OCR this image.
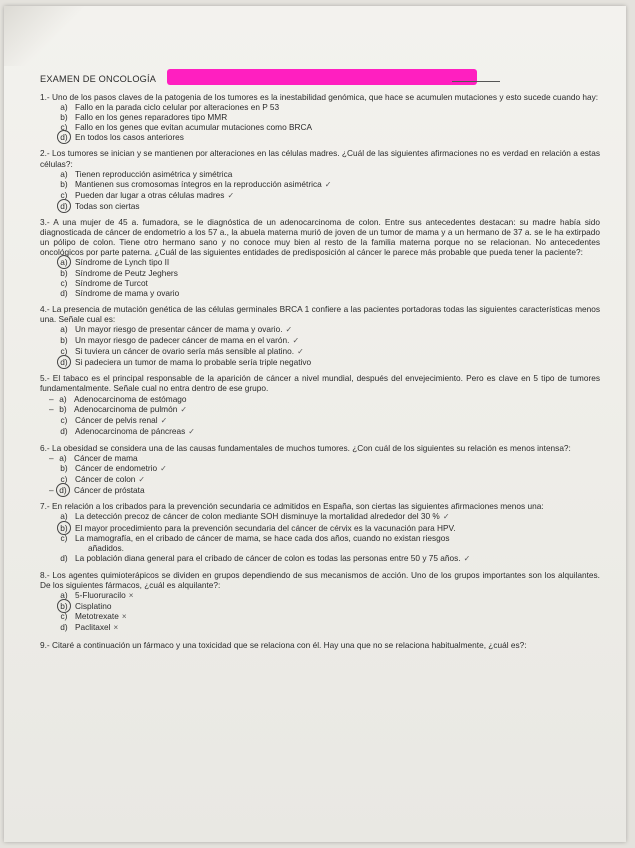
EXAMEN DE ONCOLOGÍA
1.- Uno de los pasos claves de la patogenia de los tumores es la inestabilidad genómica, que hace se acumulen mutaciones y esto sucede cuando hay:
a) Fallo en la parada ciclo celular por alteraciones en P 53
b) Fallo en los genes reparadores tipo MMR
c) Fallo en los genes que evitan acumular mutaciones como BRCA
d) En todos los casos anteriores
2.- Los tumores se inician y se mantienen por alteraciones en las células madres. ¿Cuál de las siguientes afirmaciones no es verdad en relación a estas células?:
a) Tienen reproducción asimétrica y simétrica
b) Mantienen sus cromosomas íntegros en la reproducción asimétrica ✓
c) Pueden dar lugar a otras células madres ✓
d) Todas son ciertas
3.- A una mujer de 45 a. fumadora, se le diagnóstica de un adenocarcinoma de colon. Entre sus antecedentes destacan: su madre había sido diagnosticada de cáncer de endometrio a los 57 a., la abuela materna murió de joven de un tumor de mama y a un hermano de 37 a. se le ha extirpado un pólipo de colon. Tiene otro hermano sano y no conoce muy bien al resto de la familia materna porque no se relacionan. No antecedentes oncológicos por parte paterna. ¿Cuál de las siguientes entidades de predisposición al cáncer le parece más probable que pueda tener la paciente?:
a) Síndrome de Lynch tipo II
b) Síndrome de Peutz Jeghers
c) Síndrome de Turcot
d) Síndrome de mama y ovario
4.- La presencia de mutación genética de las células germinales BRCA 1 confiere a las pacientes portadoras todas las siguientes características menos una. Señale cual es:
a) Un mayor riesgo de presentar cáncer de mama y ovario. ✓
b) Un mayor riesgo de padecer cáncer de mama en el varón. ✓
c) Si tuviera un cáncer de ovario sería más sensible al platino. ✓
d) Si padeciera un tumor de mama lo probable sería triple negativo
5.- El tabaco es el principal responsable de la aparición de cáncer a nivel mundial, después del envejecimiento. Pero es clave en 5 tipo de tumores fundamentalmente. Señale cual no entra dentro de ese grupo.
– a) Adenocarcinoma de estómago
– b) Adenocarcinoma de pulmón ✓
c) Cáncer de pelvis renal ✓
d) Adenocarcinoma de páncreas ✓
6.- La obesidad se considera una de las causas fundamentales de muchos tumores. ¿Con cuál de los siguientes su relación es menos intensa?:
– a) Cáncer de mama
b) Cáncer de endometrio ✓
c) Cáncer de colon ✓
– d) Cáncer de próstata
7.- En relación a los cribados para la prevención secundaria ce admitidos en España, son ciertas las siguientes afirmaciones menos una:
a) La detección precoz de cáncer de colon mediante SOH disminuye la mortalidad alrededor del 30 % ✓
b) El mayor procedimiento para la prevención secundaria del cáncer de cérvix es la vacunación para HPV.
c) La mamografía, en el cribado de cáncer de mama, se hace cada dos años, cuando no existan riesgos
añadidos.
d) La población diana general para el cribado de cáncer de colon es todas las personas entre 50 y 75 años. ✓
8.- Los agentes quimioterápicos se dividen en grupos dependiendo de sus mecanismos de acción. Uno de los grupos importantes son los alquilantes. De los siguientes fármacos, ¿cuál es alquilante?:
a) 5-Fluoruracilo ×
b) Cisplatino
c) Metotrexate ×
d) Paclitaxel ×
9.- Citaré a continuación un fármaco y una toxicidad que se relaciona con él. Hay una que no se relaciona habitualmente, ¿cuál es?:
